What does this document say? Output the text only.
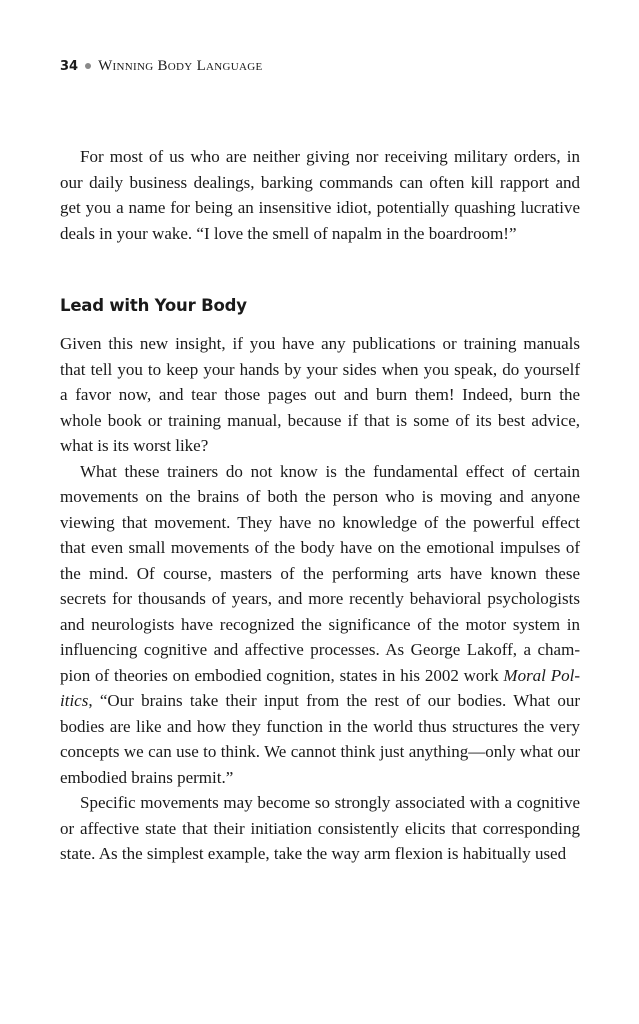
34 Winning Body Language

For most of us who are neither giving nor receiving military orders, in our daily business dealings, barking commands can often kill rapport and get you a name for being an insensitive idiot, potentially quashing lucrative deals in your wake. “I love the smell of napalm in the boardroom!”

Lead with Your Body

Given this new insight, if you have any publications or training manuals that tell you to keep your hands by your sides when you speak, do yourself a favor now, and tear those pages out and burn them! Indeed, burn the whole book or training manual, because if that is some of its best advice, what is its worst like?

What these trainers do not know is the fundamental effect of certain movements on the brains of both the person who is moving and anyone viewing that movement. They have no knowledge of the powerful effect that even small movements of the body have on the emotional impulses of the mind. Of course, masters of the performing arts have known these secrets for thousands of years, and more recently behavioral psychologists and neurologists have recognized the significance of the motor system in influencing cognitive and affective processes. As George Lakoff, a champion of theories on embodied cognition, states in his 2002 work Moral Politics, “Our brains take their input from the rest of our bodies. What our bodies are like and how they function in the world thus structures the very concepts we can use to think. We cannot think just anything—only what our embodied brains permit.”

Specific movements may become so strongly associated with a cognitive or affective state that their initiation consistently elicits that corresponding state. As the simplest example, take the way arm flexion is habitually used
